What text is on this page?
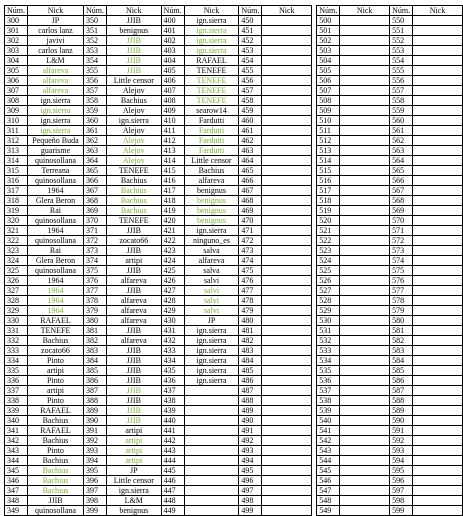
Núm.	Nick	Núm.	Nick	Núm.	Nick	Núm.	Nick		Núm.	Nick	Núm.	Nick
300	JP	350	JJIB	400	ign.sierra	450			500		550	
301	carlos lanz	351	benignus	401	ign.sierra	451			501		551	
302	javivi	352	JJIB	402	ign.sierra	452			502		552	
303	carlos lanz	353	JJIB	403	ign.sierra	453			503		553	
304	L&M	354	JJIB	404	RAFAEL	454			504		554	
305	alfareva	355	JJIB	405	TENEFE	455			505		555	
306	alfareva	356	Little censor	406	TENEFE	456			506		556	
307	alfareva	357	Alejov	407	TENEFE	457			507		557	
308	ign.sierra	358	Bachius	408	TENEFE	458			508		558	
309	ign.sierra	359	Alejov	409	searow14	459			509		559	
310	ign.sierra	360	ign.sierra	410	Fardutti	460			510		560	
311	ign.sierra	361	Alejov	411	Fardutti	461			511		561	
312	Pequeño Buda	362	Alejov	412	Fardutti	462			512		562	
313	guarisme	363	Alejov	413	Fardutti	463			513		563	
314	quinosollana	364	Alejov	414	Little censor	464			514		564	
315	Terreana	365	TENEFE	415	Bachius	465			515		565	
316	quinosollana	366	Bachius	416	alfareva	466			516		566	
317	1964	367	Bachius	417	benignus	467			517		567	
318	Glera Beron	368	Bachius	418	benignus	468			518		568	
319	Rai	369	Bachius	419	benignus	469			519		569	
320	quinosollana	370	TENEFE	420	benignus	470			520		570	
321	1964	371	JJIB	421	ign.sierra	471			521		571	
322	quinosollana	372	zocato66	422	ninguno_es	472			522		572	
323	Rai	373	JJIB	423	salva	473			523		573	
324	Glera Beron	374	artipi	424	alfareva	474			524		574	
325	quinosollana	375	JJIB	425	salva	475			525		575	
326	1964	376	alfareva	426	salvi	476			526		576	
327	1964	377	JJIB	427	salvi	477			527		577	
328	1964	378	alfareva	428	salvi	478			528		578	
329	1964	379	alfareva	429	salvi	479			529		579	
330	RAFAEL	380	alfareva	430	JP	480			530		580	
331	TENEFE	381	JJIB	431	ign.sierra	481			531		581	
332	Bachius	382	alfareva	432	ign.sierra	482			532		582	
333	zocato66	383	JJIB	433	ign.sierra	483			533		583	
334	Pinto	384	JJIB	434	ign.sierra	484			534		584	
335	artipi	385	JJIB	435	ign.sierra	485			535		585	
336	Pinto	386	JJIB	436	ign.sierra	486			536		586	
337	artipi	387	JJIB	437		487			537		587	
338	Pinto	388	JJIB	438		488			538		588	
339	RAFAEL	389	JJIB	439		489			539		589	
340	Bachius	390	JJIB	440		490			540		590	
341	RAFAEL	391	artipi	441		491			541		591	
342	Bachius	392	artipi	442		492			542		592	
343	Pinto	393	artipi	443		493			543		593	
344	Bachius	394	artipi	444		494			544		594	
345	Bachius	395	JP	445		495			545		595	
346	Bachius	396	Little censor	446		496			546		596	
347	Bachius	397	ign.sierra	447		497			547		597	
348	JJIB	398	L&M	448		498			548		598	
349	quinosollana	399	benignus	449		499			549		599	
